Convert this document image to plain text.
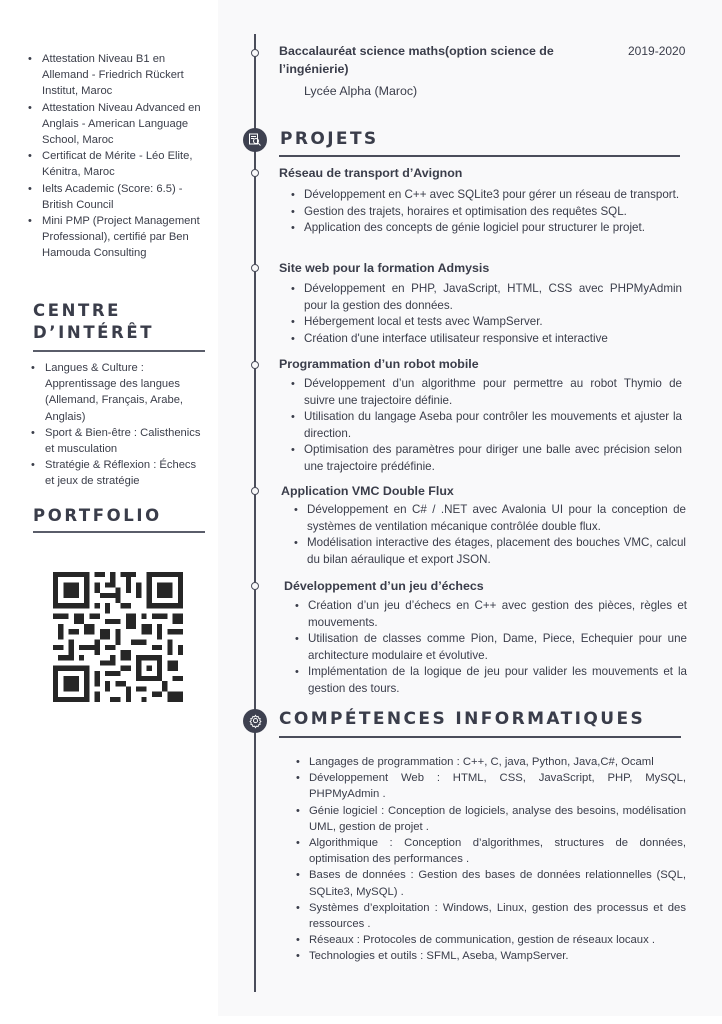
• Attestation Niveau B1 en Allemand - Friedrich Rückert Institut, Maroc
• Attestation Niveau Advanced en Anglais - American Language School, Maroc
• Certificat de Mérite - Léo Elite, Kénitra, Maroc
• Ielts Academic (Score: 6.5) - British Council
• Mini PMP (Project Management Professional), certifié par Ben Hamouda Consulting
CENTRE
D’INTÉRÊT
• Langues & Culture : Apprentissage des langues (Allemand, Français, Arabe, Anglais)
• Sport & Bien-être : Calisthenics et musculation
• Stratégie & Réflexion : Échecs et jeux de stratégie
PORTFOLIO
Baccalauréat science maths(option science de l’ingénierie)
Lycée Alpha (Maroc)
2019-2020
PROJETS
Réseau de transport d’Avignon
• Développement en C++ avec SQLite3 pour gérer un réseau de transport.
• Gestion des trajets, horaires et optimisation des requêtes SQL.
• Application des concepts de génie logiciel pour structurer le projet.
Site web pour la formation Admysis
• Développement en PHP, JavaScript, HTML, CSS avec PHPMyAdmin pour la gestion des données.
• Hébergement local et tests avec WampServer.
• Création d'une interface utilisateur responsive et interactive
Programmation d’un robot mobile
• Développement d’un algorithme pour permettre au robot Thymio de suivre une trajectoire définie.
• Utilisation du langage Aseba pour contrôler les mouvements et ajuster la direction.
• Optimisation des paramètres pour diriger une balle avec précision selon une trajectoire prédéfinie.
Application VMC Double Flux
• Développement en C# / .NET avec Avalonia UI pour la conception de systèmes de ventilation mécanique contrôlée double flux.
• Modélisation interactive des étages, placement des bouches VMC, calcul du bilan aéraulique et export JSON.
Développement d’un jeu d’échecs
• Création d’un jeu d’échecs en C++ avec gestion des pièces, règles et mouvements.
• Utilisation de classes comme Pion, Dame, Piece, Echequier pour une architecture modulaire et évolutive.
• Implémentation de la logique de jeu pour valider les mouvements et la gestion des tours.
COMPÉTENCES INFORMATIQUES
• Langages de programmation : C++, C, java, Python, Java,C#, Ocaml
• Développement Web : HTML, CSS, JavaScript, PHP, MySQL, PHPMyAdmin .
• Génie logiciel : Conception de logiciels, analyse des besoins, modélisation UML, gestion de projet .
• Algorithmique : Conception d’algorithmes, structures de données, optimisation des performances .
• Bases de données : Gestion des bases de données relationnelles (SQL, SQLite3, MySQL) .
• Systèmes d’exploitation : Windows, Linux, gestion des processus et des ressources .
• Réseaux : Protocoles de communication, gestion de réseaux locaux .
• Technologies et outils : SFML, Aseba, WampServer.
